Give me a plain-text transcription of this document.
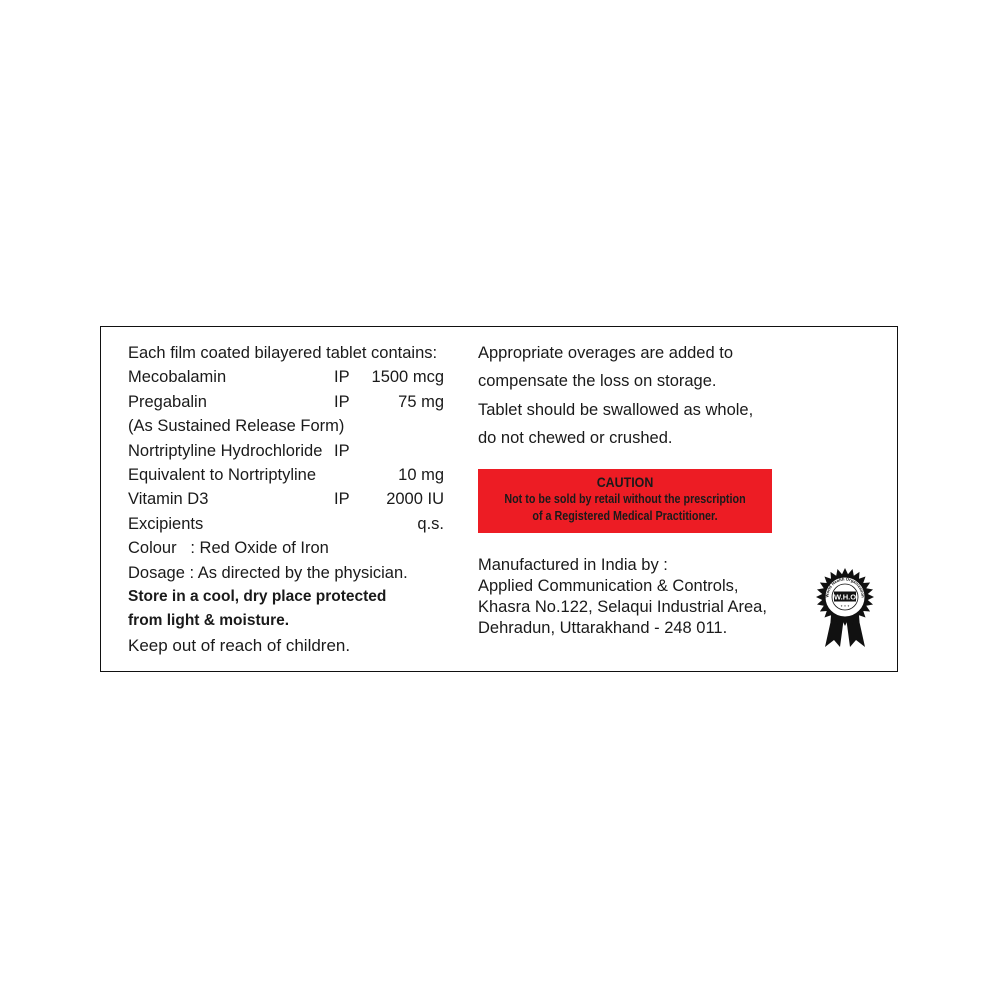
Each film coated bilayered tablet contains:
Mecobalamin	IP 1500 mcg
Pregabalin	IP	75 mg
(As Sustained Release Form)
Nortriptyline Hydrochloride IP
Equivalent to Nortriptyline	10 mg
Vitamin D3	IP 2000 IU
Excipients	q.s.
Colour   : Red Oxide of Iron
Dosage : As directed by the physician.
Store in a cool, dry place protected
from light & moisture.
Keep out of reach of children.
Appropriate overages are added to
compensate the loss on storage.
Tablet should be swallowed as whole,
do not chewed or crushed.
CAUTION
Not to be sold by retail without the prescription
of a Registered Medical Practitioner.
Manufactured in India by :
Applied Communication & Controls,
Khasra No.122, Selaqui Industrial Area,
Dehradun, Uttarakhand - 248 011.
W.H.O
✦ ✦ ✦
World Health Organization
